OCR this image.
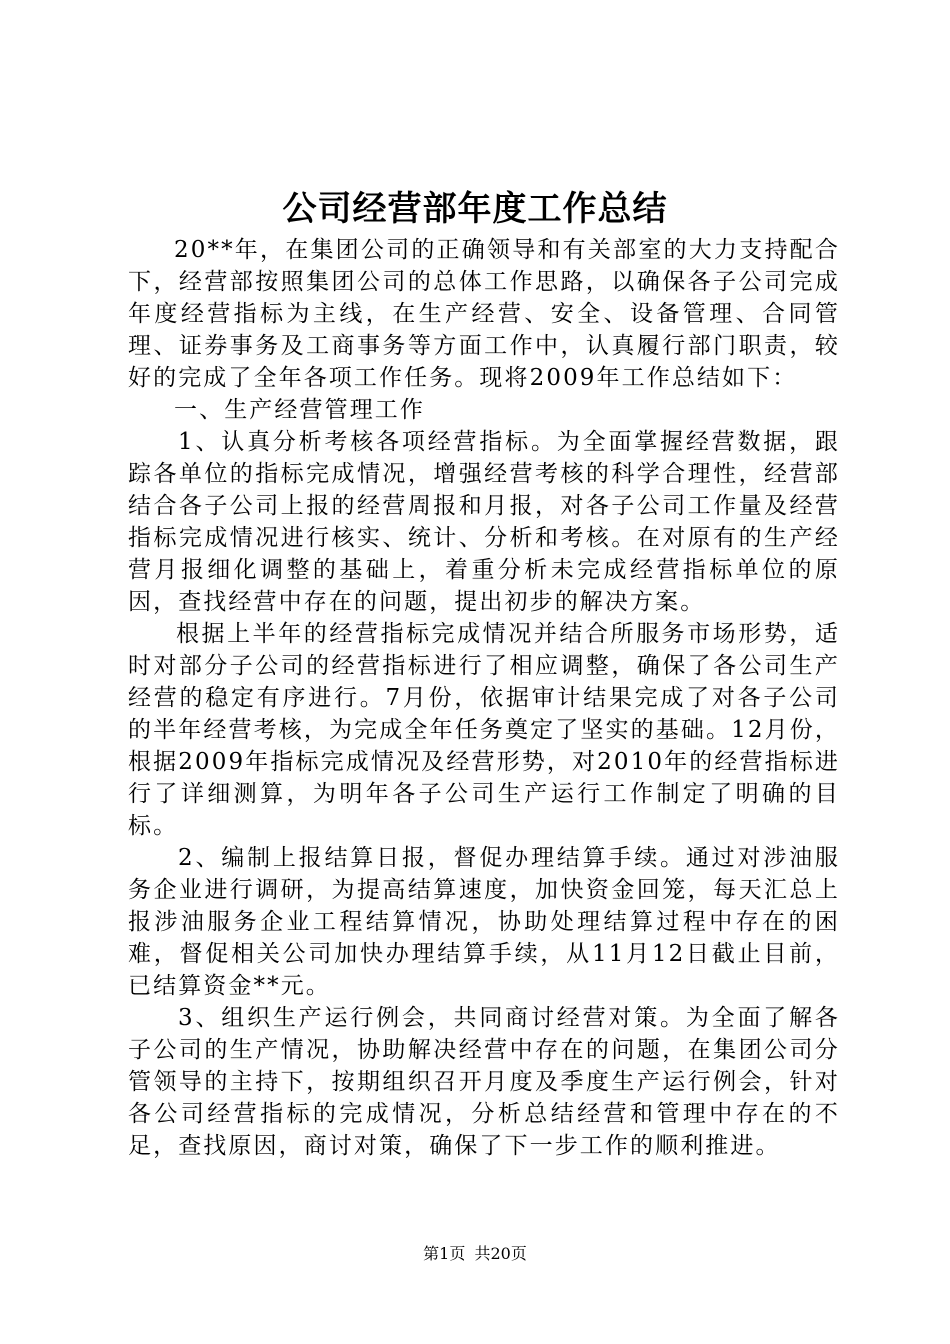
公司经营部年度工作总结

20**年，在集团公司的正确领导和有关部室的大力支持配合下，经营部按照集团公司的总体工作思路，以确保各子公司完成年度经营指标为主线，在生产经营、安全、设备管理、合同管理、证券事务及工商事务等方面工作中，认真履行部门职责，较好的完成了全年各项工作任务。现将2009年工作总结如下：

一、生产经营管理工作

1、认真分析考核各项经营指标。为全面掌握经营数据，跟踪各单位的指标完成情况，增强经营考核的科学合理性，经营部结合各子公司上报的经营周报和月报，对各子公司工作量及经营指标完成情况进行核实、统计、分析和考核。在对原有的生产经营月报细化调整的基础上，着重分析未完成经营指标单位的原因，查找经营中存在的问题，提出初步的解决方案。

根据上半年的经营指标完成情况并结合所服务市场形势，适时对部分子公司的经营指标进行了相应调整，确保了各公司生产经营的稳定有序进行。7月份，依据审计结果完成了对各子公司的半年经营考核，为完成全年任务奠定了坚实的基础。12月份，根据2009年指标完成情况及经营形势，对2010年的经营指标进行了详细测算，为明年各子公司生产运行工作制定了明确的目标。

2、编制上报结算日报，督促办理结算手续。通过对涉油服务企业进行调研，为提高结算速度，加快资金回笼，每天汇总上报涉油服务企业工程结算情况，协助处理结算过程中存在的困难，督促相关公司加快办理结算手续，从11月12日截止目前，已结算资金**元。

3、组织生产运行例会，共同商讨经营对策。为全面了解各子公司的生产情况，协助解决经营中存在的问题，在集团公司分管领导的主持下，按期组织召开月度及季度生产运行例会，针对各公司经营指标的完成情况，分析总结经营和管理中存在的不足，查找原因，商讨对策，确保了下一步工作的顺利推进。

第1页 共20页
